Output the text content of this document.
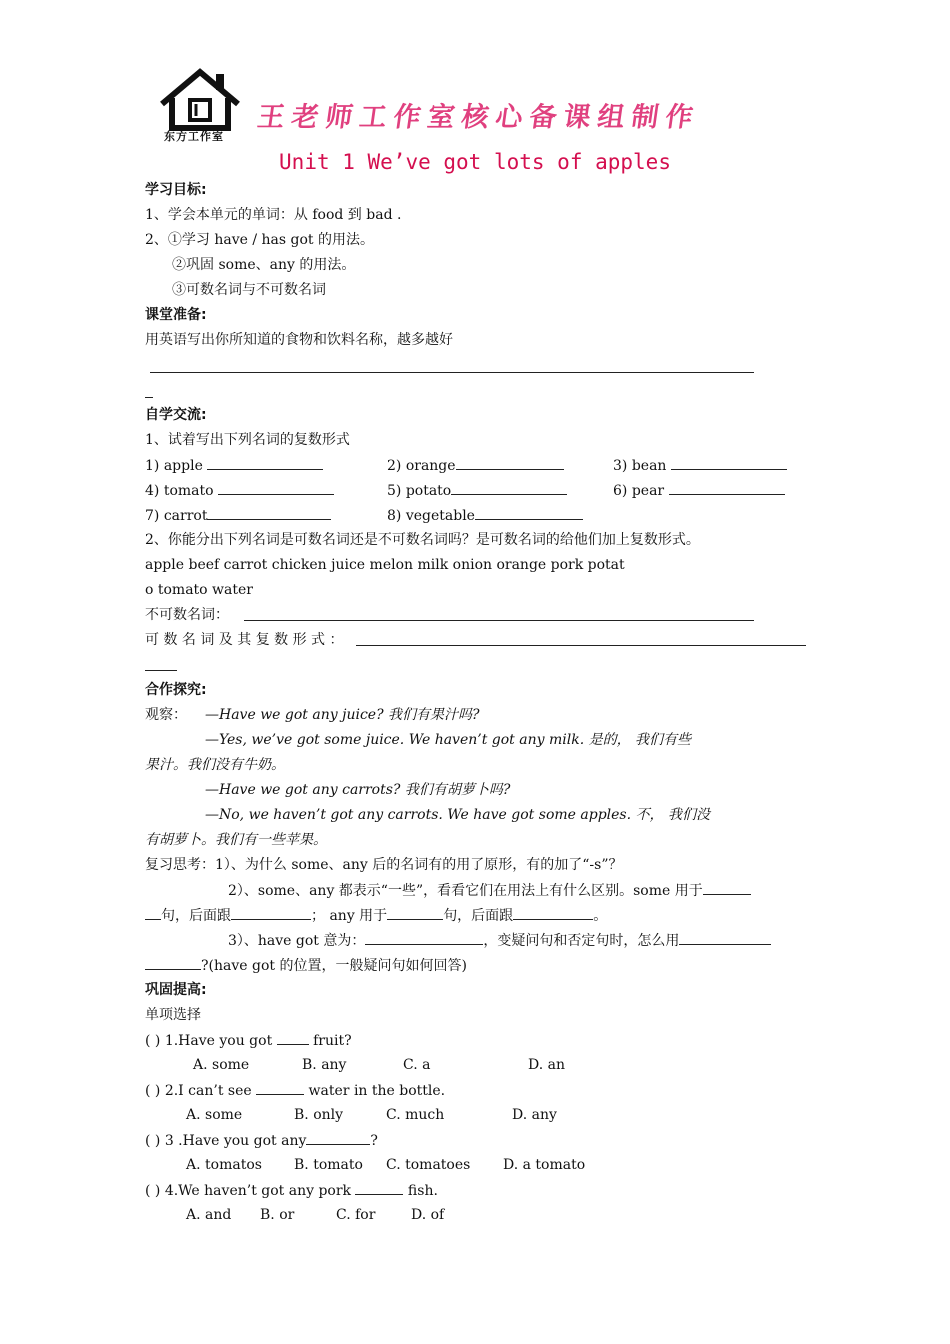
东方工作室
王老师工作室核心备课组制作
Unit 1 We’ve got lots of apples
学习目标:
1、学会本单元的单词：从 food 到 bad .
2、①学习 have / has got 的用法。
②巩固 some、any 的用法。
③可数名词与不可数名词
课堂准备:
用英语写出你所知道的食物和饮料名称，越多越好
自学交流:
1、试着写出下列名词的复数形式
1) apple	2) orange	3) bean
4) tomato	5) potato	6) pear
7) carrot	8) vegetable
2、你能分出下列名词是可数名词还是不可数名词吗？是可数名词的给他们加上复数形式。
apple beef carrot chicken juice melon milk onion orange pork potat
o tomato water
不可数名词：
可 数 名 词 及 其 复 数 形 式 ：
合作探究:
观察： —Have we got any juice? 我们有果汁吗?
—Yes, we’ve got some juice. We haven’t got any milk. 是的， 我们有些
果汁。我们没有牛奶。
—Have we got any carrots? 我们有胡萝卜吗?
—No, we haven’t got any carrots. We have got some apples. 不， 我们没
有胡萝卜。我们有一些苹果。
复习思考：1）、为什么 some、any 后的名词有的用了原形，有的加了“-s”？
2）、some、any 都表示“一些”，看看它们在用法上有什么区别。some 用于
句，后面跟	； any 用于	句，后面跟	。
3）、have got 意为：	，变疑问句和否定句时，怎么用
?(have got 的位置，一般疑问句如何回答)
巩固提高:
单项选择
( ) 1.Have you got  fruit?
A. some	B. any	C. a	D. an
( ) 2.I can’t see	water in the bottle.
A. some	B. only	C. much	D. any
( ) 3 .Have you got any	?
A. tomatos B. tomato C. tomatoes D. a tomato
( ) 4.We haven’t got any pork	fish.
A. and B. or	C. for	D. of
